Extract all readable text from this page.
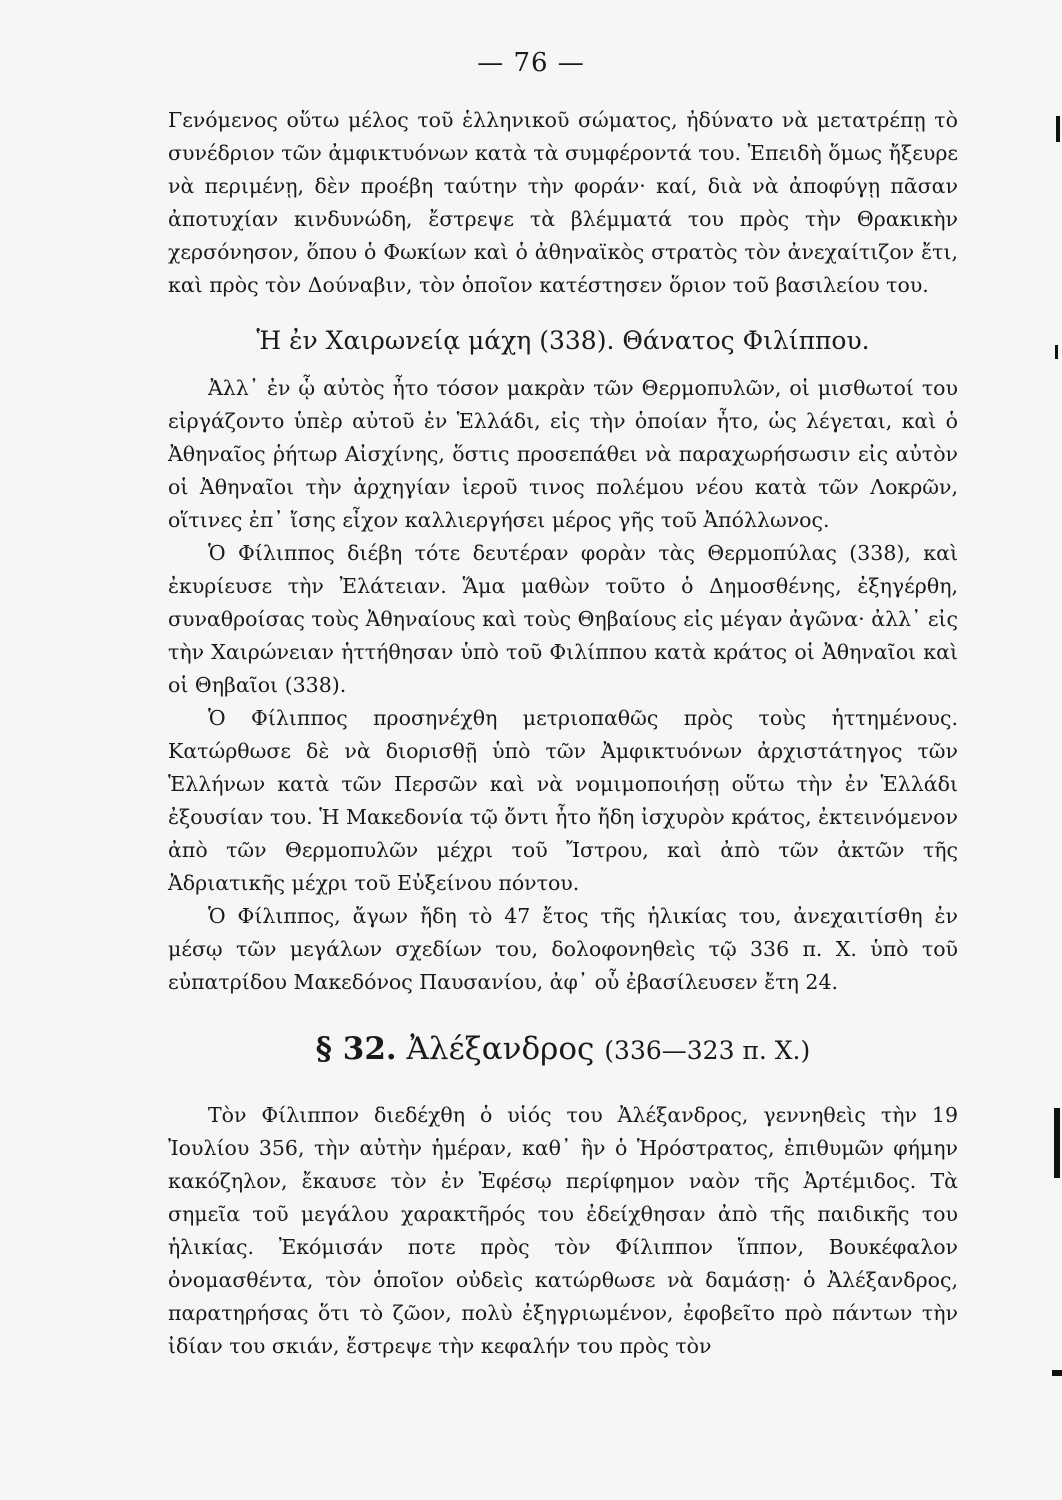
— 76 —

Γενόμενος οὕτω μέλος τοῦ ἑλληνικοῦ σώματος, ἠδύνατο νὰ μετατρέπῃ τὸ συνέδριον τῶν ἀμφικτυόνων κατὰ τὰ συμφέροντά του. Ἐπειδὴ ὅμως ἤξευρε νὰ περιμένῃ, δὲν προέβη ταύτην τὴν φοράν· καί, διὰ νὰ ἀποφύγῃ πᾶσαν ἀποτυχίαν κινδυνώδη, ἔστρεψε τὰ βλέμματά του πρὸς τὴν Θρακικὴν χερσόνησον, ὅπου ὁ Φωκίων καὶ ὁ ἀθηναϊκὸς στρατὸς τὸν ἀνεχαίτιζον ἔτι, καὶ πρὸς τὸν Δούναβιν, τὸν ὁποῖον κατέστησεν ὅριον τοῦ βασιλείου του.

Ἡ ἐν Χαιρωνείᾳ μάχη (338). Θάνατος Φιλίππου.

Ἀλλ᾽ ἐν ᾧ αὐτὸς ἦτο τόσον μακρὰν τῶν Θερμοπυλῶν, οἱ μισθωτοί του εἰργάζοντο ὑπὲρ αὐτοῦ ἐν Ἑλλάδι, εἰς τὴν ὁποίαν ἦτο, ὡς λέγεται, καὶ ὁ Ἀθηναῖος ῥήτωρ Αἰσχίνης, ὅστις προσεπάθει νὰ παραχωρήσωσιν εἰς αὐτὸν οἱ Ἀθηναῖοι τὴν ἀρχηγίαν ἱεροῦ τινος πολέμου νέου κατὰ τῶν Λοκρῶν, οἵτινες ἐπ᾽ ἴσης εἶχον καλλιεργήσει μέρος γῆς τοῦ Ἀπόλλωνος.

Ὁ Φίλιππος διέβη τότε δευτέραν φορὰν τὰς Θερμοπύλας (338), καὶ ἐκυρίευσε τὴν Ἐλάτειαν. Ἅμα μαθὼν τοῦτο ὁ Δημοσθένης, ἐξηγέρθη, συναθροίσας τοὺς Ἀθηναίους καὶ τοὺς Θηβαίους εἰς μέγαν ἀγῶνα· ἀλλ᾽ εἰς τὴν Χαιρώνειαν ἡττήθησαν ὑπὸ τοῦ Φιλίππου κατὰ κράτος οἱ Ἀθηναῖοι καὶ οἱ Θηβαῖοι (338).

Ὁ Φίλιππος προσηνέχθη μετριοπαθῶς πρὸς τοὺς ἡττημένους. Κατώρθωσε δὲ νὰ διορισθῇ ὑπὸ τῶν Ἀμφικτυόνων ἀρχιστάτηγος τῶν Ἑλλήνων κατὰ τῶν Περσῶν καὶ νὰ νομιμοποιήσῃ οὕτω τὴν ἐν Ἑλλάδι ἐξουσίαν του. Ἡ Μακεδονία τῷ ὄντι ἦτο ἤδη ἰσχυρὸν κράτος, ἐκτεινόμενον ἀπὸ τῶν Θερμοπυλῶν μέχρι τοῦ Ἴστρου, καὶ ἀπὸ τῶν ἀκτῶν τῆς Ἀδριατικῆς μέχρι τοῦ Εὐξείνου πόντου.

Ὁ Φίλιππος, ἄγων ἤδη τὸ 47 ἔτος τῆς ἡλικίας του, ἀνεχαιτίσθη ἐν μέσῳ τῶν μεγάλων σχεδίων του, δολοφονηθεὶς τῷ 336 π. Χ. ὑπὸ τοῦ εὐπατρίδου Μακεδόνος Παυσανίου, ἀφ᾽ οὗ ἐβασίλευσεν ἔτη 24.

§ 32. Ἀλέξανδρος (336—323 π. Χ.)

Τὸν Φίλιππον διεδέχθη ὁ υἱός του Ἀλέξανδρος, γεννηθεὶς τὴν 19 Ἰουλίου 356, τὴν αὐτὴν ἡμέραν, καθ᾽ ἣν ὁ Ἡρόστρατος, ἐπιθυμῶν φήμην κακόζηλον, ἔκαυσε τὸν ἐν Ἐφέσῳ περίφημον ναὸν τῆς Ἀρτέμιδος. Τὰ σημεῖα τοῦ μεγάλου χαρακτῆρός του ἐδείχθησαν ἀπὸ τῆς παιδικῆς του ἡλικίας. Ἐκόμισάν ποτε πρὸς τὸν Φίλιππον ἵππον, Βουκέφαλον ὀνομασθέντα, τὸν ὁποῖον οὐδεὶς κατώρθωσε νὰ δαμάσῃ· ὁ Ἀλέξανδρος, παρατηρήσας ὅτι τὸ ζῶον, πολὺ ἐξηγριωμένον, ἐφοβεῖτο πρὸ πάντων τὴν ἰδίαν του σκιάν, ἔστρεψε τὴν κεφαλήν του πρὸς τὸν
